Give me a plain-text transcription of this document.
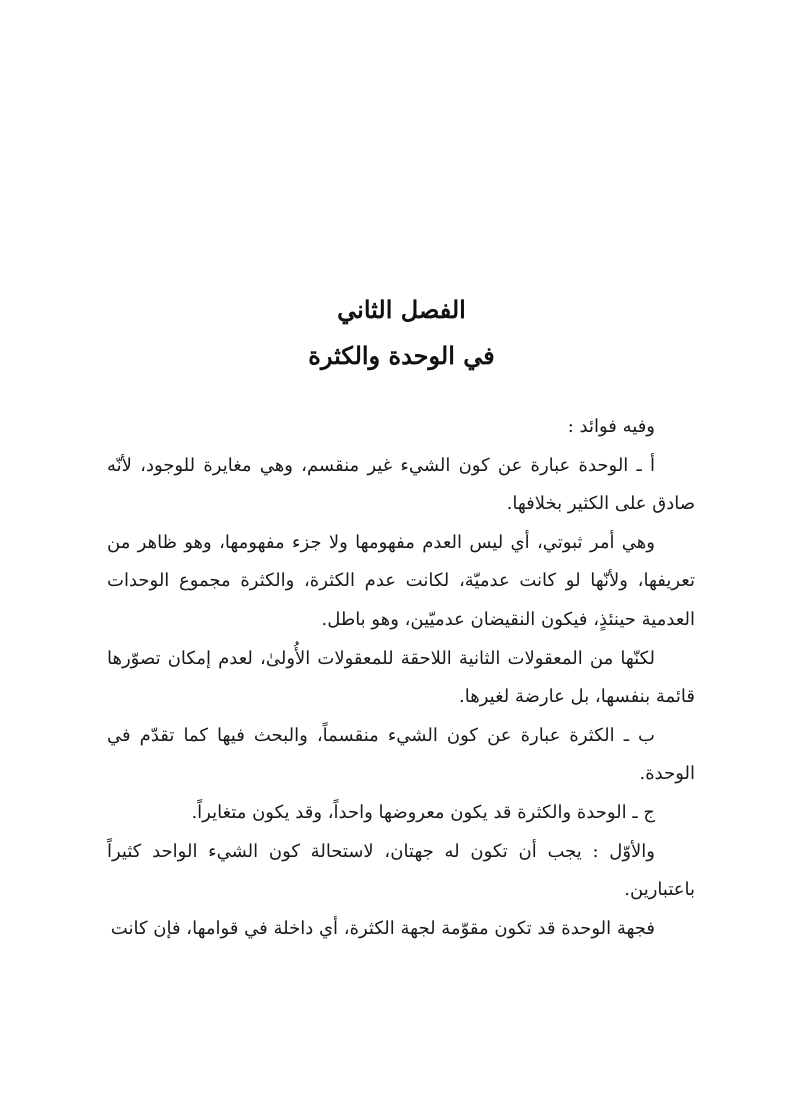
الفصل الثاني
في الوحدة والكثرة

وفيه فوائد :

أ ـ الوحدة عبارة عن كون الشيء غير منقسم، وهي مغايرة للوجود، لأنّه صادق على الكثير بخلافها.

وهي أمر ثبوتي، أي ليس العدم مفهومها ولا جزء مفهومها، وهو ظاهر من تعريفها، ولأنّها لو كانت عدميّة، لكانت عدم الكثرة، والكثرة مجموع الوحدات العدمية حينئذٍ، فيكون النقيضان عدميّين، وهو باطل.

لكنّها من المعقولات الثانية اللاحقة للمعقولات الأُولىٰ، لعدم إمكان تصوّرها قائمة بنفسها، بل عارضة لغيرها.

ب ـ الكثرة عبارة عن كون الشيء منقسماً، والبحث فيها كما تقدّم في الوحدة.

ج ـ الوحدة والكثرة قد يكون معروضها واحداً، وقد يكون متغايراً.

والأوّل : يجب أن تكون له جهتان، لاستحالة كون الشيء الواحد كثيراً باعتبارين.

فجهة الوحدة قد تكون مقوّمة لجهة الكثرة، أي داخلة في قوامها، فإن كانت
